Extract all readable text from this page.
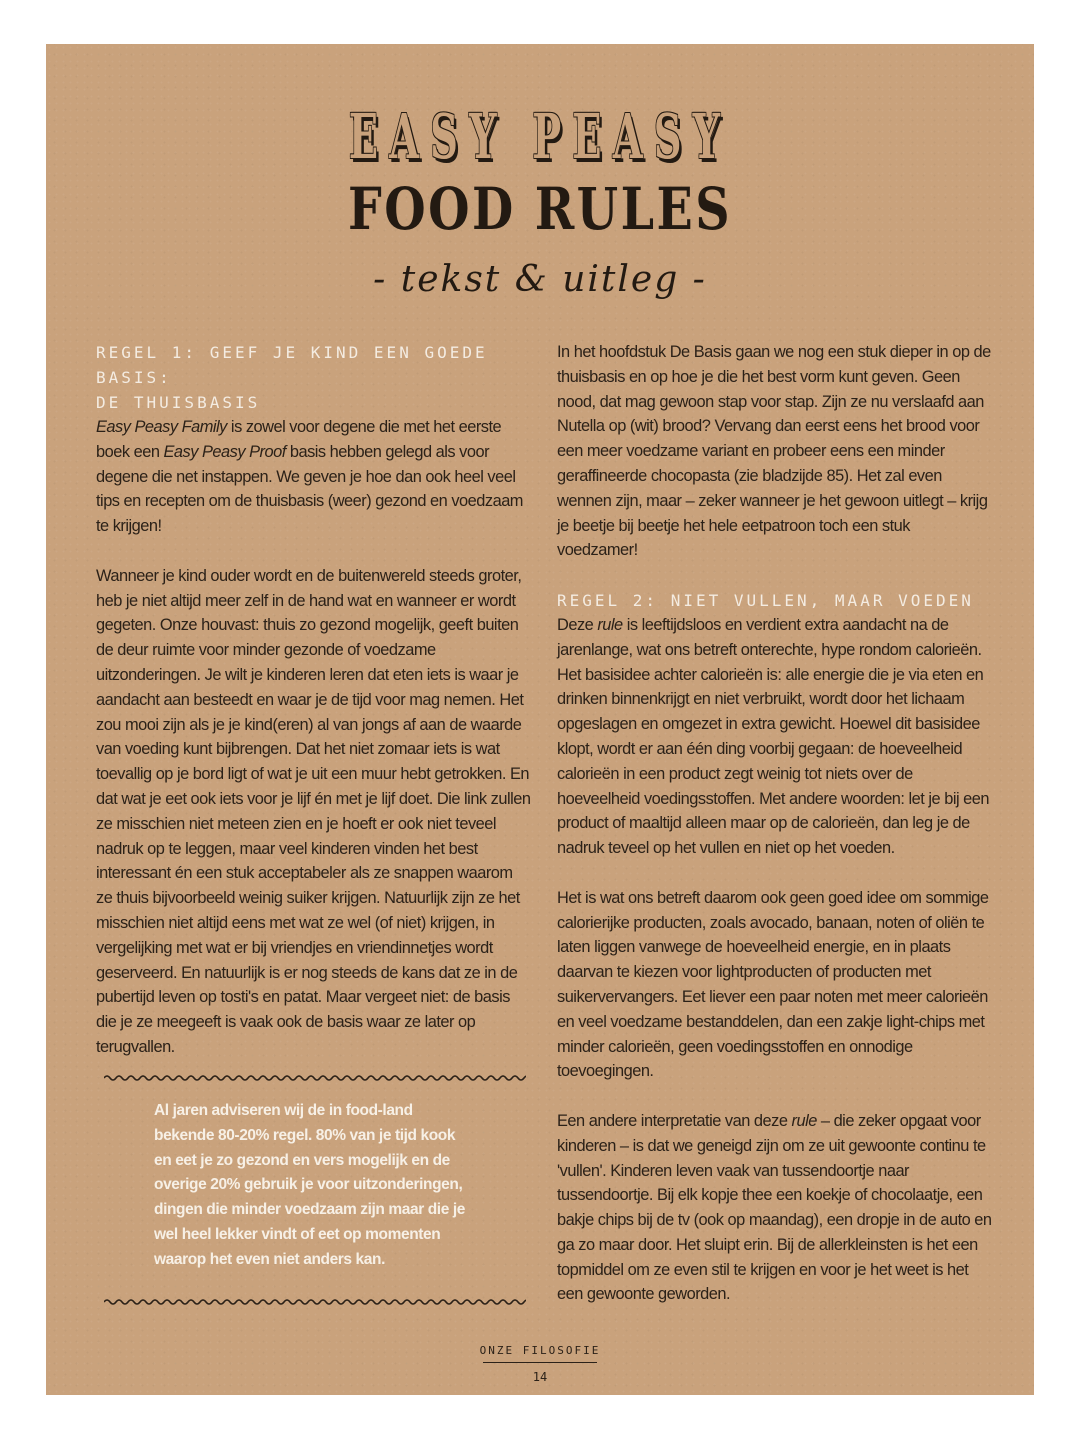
EASY PEASY
FOOD RULES
- tekst & uitleg -

REGEL 1: GEEF JE KIND EEN GOEDE BASIS:

DE THUISBASIS

Easy Peasy Family is zowel voor degene die met het eerste boek een Easy Peasy Proof basis hebben gelegd als voor degene die net instappen. We geven je hoe dan ook heel veel tips en recepten om de thuisbasis (weer) gezond en voedzaam te krijgen!

Wanneer je kind ouder wordt en de buitenwereld steeds groter, heb je niet altijd meer zelf in de hand wat en wanneer er wordt gegeten. Onze houvast: thuis zo gezond mogelijk, geeft buiten de deur ruimte voor minder gezonde of voedzame uitzonderingen. Je wilt je kinderen leren dat eten iets is waar je aandacht aan besteedt en waar je de tijd voor mag nemen. Het zou mooi zijn als je je kind(eren) al van jongs af aan de waarde van voeding kunt bijbrengen. Dat het niet zomaar iets is wat toevallig op je bord ligt of wat je uit een muur hebt getrokken. En dat wat je eet ook iets voor je lijf én met je lijf doet. Die link zullen ze misschien niet meteen zien en je hoeft er ook niet teveel nadruk op te leggen, maar veel kinderen vinden het best interessant én een stuk acceptabeler als ze snappen waarom ze thuis bijvoorbeeld weinig suiker krijgen. Natuurlijk zijn ze het misschien niet altijd eens met wat ze wel (of niet) krijgen, in vergelijking met wat er bij vriendjes en vriendinnetjes wordt geserveerd. En natuurlijk is er nog steeds de kans dat ze in de pubertijd leven op tosti's en patat. Maar vergeet niet: de basis die je ze meegeeft is vaak ook de basis waar ze later op terugvallen.

Al jaren adviseren wij de in food-land bekende 80-20% regel. 80% van je tijd kook en eet je zo gezond en vers mogelijk en de overige 20% gebruik je voor uitzonderingen, dingen die minder voedzaam zijn maar die je wel heel lekker vindt of eet op momenten waarop het even niet anders kan.

In het hoofdstuk De Basis gaan we nog een stuk dieper in op de thuisbasis en op hoe je die het best vorm kunt geven. Geen nood, dat mag gewoon stap voor stap. Zijn ze nu verslaafd aan Nutella op (wit) brood? Vervang dan eerst eens het brood voor een meer voedzame variant en probeer eens een minder geraffineerde chocopasta (zie bladzijde 85). Het zal even wennen zijn, maar – zeker wanneer je het gewoon uitlegt – krijg je beetje bij beetje het hele eetpatroon toch een stuk voedzamer!

REGEL 2: NIET VULLEN, MAAR VOEDEN

Deze rule is leeftijdsloos en verdient extra aandacht na de jarenlange, wat ons betreft onterechte, hype rondom calorieën. Het basisidee achter calorieën is: alle energie die je via eten en drinken binnenkrijgt en niet verbruikt, wordt door het lichaam opgeslagen en omgezet in extra gewicht. Hoewel dit basisidee klopt, wordt er aan één ding voorbij gegaan: de hoeveelheid calorieën in een product zegt weinig tot niets over de hoeveelheid voedingsstoffen. Met andere woorden: let je bij een product of maaltijd alleen maar op de calorieën, dan leg je de nadruk teveel op het vullen en niet op het voeden.

Het is wat ons betreft daarom ook geen goed idee om sommige calorierijke producten, zoals avocado, banaan, noten of oliën te laten liggen vanwege de hoeveelheid energie, en in plaats daarvan te kiezen voor lightproducten of producten met suikervervangers. Eet liever een paar noten met meer calorieën en veel voedzame bestanddelen, dan een zakje light-chips met minder calorieën, geen voedingsstoffen en onnodige toevoegingen.

Een andere interpretatie van deze rule – die zeker opgaat voor kinderen – is dat we geneigd zijn om ze uit gewoonte continu te 'vullen'. Kinderen leven vaak van tussendoortje naar tussendoortje. Bij elk kopje thee een koekje of chocolaatje, een bakje chips bij de tv (ook op maandag), een dropje in de auto en ga zo maar door. Het sluipt erin. Bij de allerkleinsten is het een topmiddel om ze even stil te krijgen en voor je het weet is het een gewoonte geworden.

ONZE FILOSOFIE
14
